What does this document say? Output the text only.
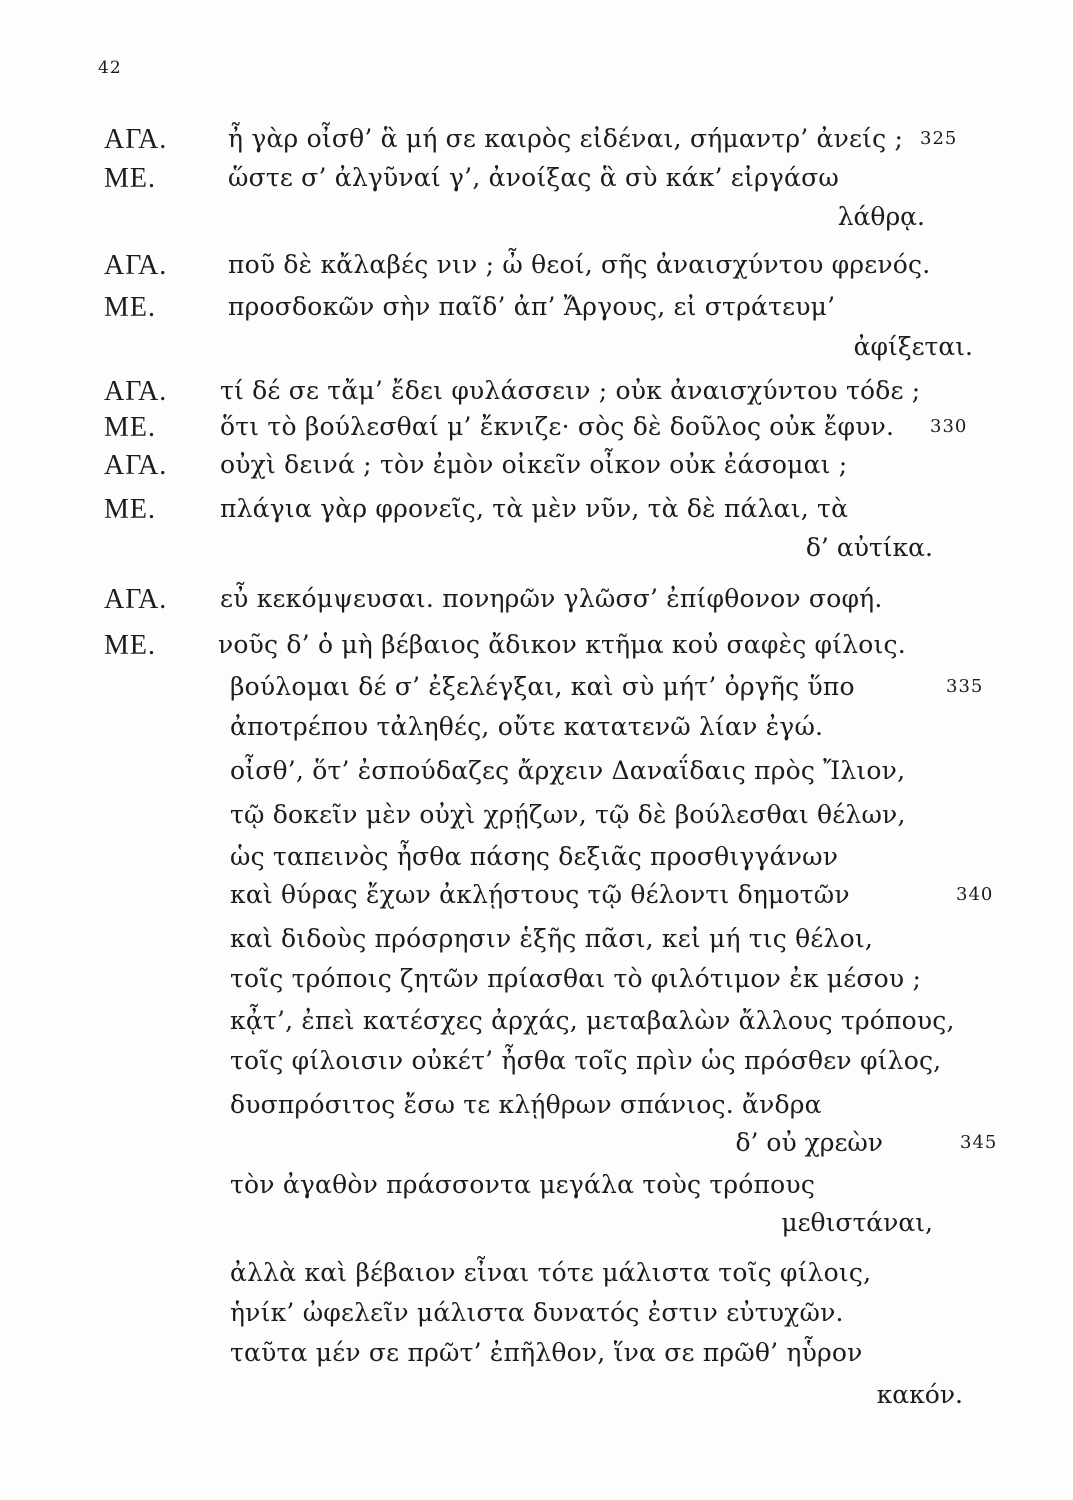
42
ΑΓΑ. ἦ γὰρ οἶσθ’ ἃ μή σε καιρὸς εἰδέναι, σήμαντρ’ ἀνείς ; 325
ΜΕ.	ὥστε σ’ ἀλγῦναί γ’, ἀνοίξας ἃ σὺ κάκ’ εἰργάσω
λάθρᾳ.
ΑΓΑ. ποῦ δὲ κἄλαβές νιν ; ὦ θεοί, σῆς ἀναισχύντου φρενός.
ΜΕ.	προσδοκῶν σὴν παῖδ’ ἀπ’ Ἄργους, εἰ στράτευμ’
ἀφίξεται.
ΑΓΑ. τί δέ σε τἄμ’ ἔδει φυλάσσειν ; οὐκ ἀναισχύντου τόδε ;
ΜΕ.	ὅτι τὸ βούλεσθαί μ’ ἔκνιζε· σὸς δὲ δοῦλος οὐκ ἔφυν. 330
ΑΓΑ. οὐχὶ δεινά ; τὸν ἐμὸν οἰκεῖν οἶκον οὐκ ἐάσομαι ;
ΜΕ.	πλάγια γὰρ φρονεῖς, τὰ μὲν νῦν, τὰ δὲ πάλαι, τὰ
δ’ αὐτίκα.
ΑΓΑ. εὖ κεκόμψευσαι. πονηρῶν γλῶσσ’ ἐπίφθονον σοφή.
ΜΕ. νοῦς δ’ ὁ μὴ βέβαιος ἄδικον κτῆμα κοὐ σαφὲς φίλοις.
βούλομαι δέ σ’ ἐξελέγξαι, καὶ σὺ μήτ’ ὀργῆς ὕπο	335
ἀποτρέπου τἀληθές, οὔτε κατατενῶ λίαν ἐγώ.
οἶσθ’, ὅτ’ ἐσπούδαζες ἄρχειν Δαναΐδαις πρὸς Ἴλιον,
τῷ δοκεῖν μὲν οὐχὶ χρῄζων, τῷ δὲ βούλεσθαι θέλων,
ὡς ταπεινὸς ἦσθα πάσης δεξιᾶς προσθιγγάνων
καὶ θύρας ἔχων ἀκλῄστους τῷ θέλοντι δημοτῶν	340
καὶ διδοὺς πρόσρησιν ἑξῆς πᾶσι, κεἰ μή τις θέλοι,
τοῖς τρόποις ζητῶν πρίασθαι τὸ φιλότιμον ἐκ μέσου ;
κᾆτ’, ἐπεὶ κατέσχες ἀρχάς, μεταβαλὼν ἄλλους τρόπους,
τοῖς φίλοισιν οὐκέτ’ ἦσθα τοῖς πρὶν ὡς πρόσθεν φίλος,
δυσπρόσιτος ἔσω τε κλῄθρων σπάνιος. ἄνδρα
δ’ οὐ χρεὼν	345
τὸν ἀγαθὸν πράσσοντα μεγάλα τοὺς τρόπους
μεθιστάναι,
ἀλλὰ καὶ βέβαιον εἶναι τότε μάλιστα τοῖς φίλοις,
ἡνίκ’ ὠφελεῖν μάλιστα δυνατός ἐστιν εὐτυχῶν.
ταῦτα μέν σε πρῶτ’ ἐπῆλθον, ἵνα σε πρῶθ’ ηὗρον
κακόν.
